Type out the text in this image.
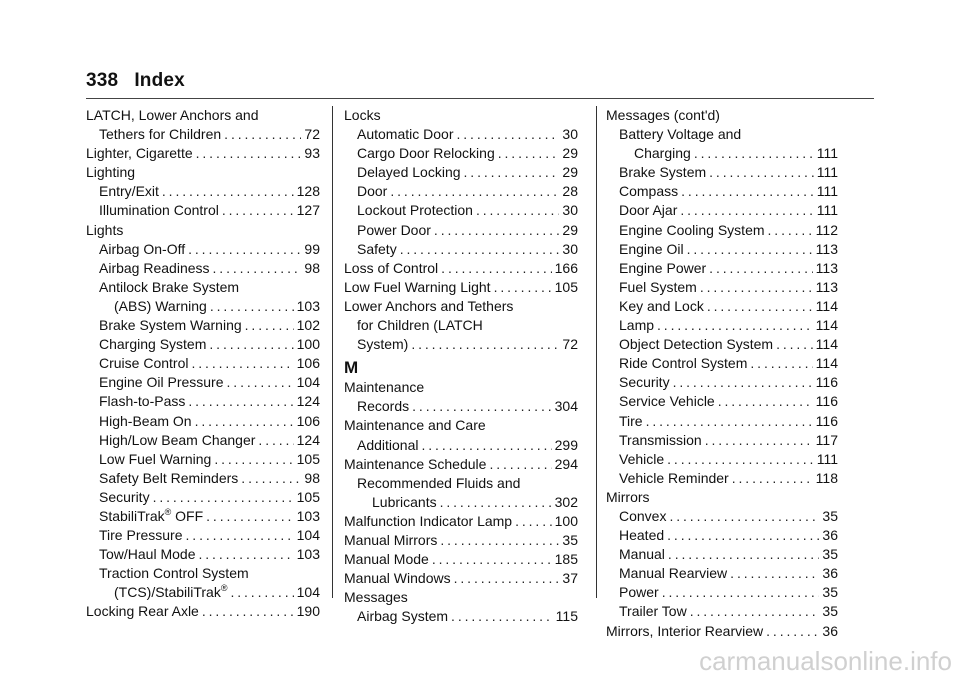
338 Index
LATCH, Lower Anchors and
Tethers for Children . . .	72
Lighter, Cigarette . . .	93
Lighting
Entry/Exit . . .	128
Illumination Control . . .	127
Lights
Airbag On-Off . . .	99
Airbag Readiness . . .	98
Antilock Brake System
(ABS) Warning . . .	103
Brake System Warning . . .	102
Charging System . . .	100
Cruise Control . . .	106
Engine Oil Pressure . . .	104
Flash-to-Pass . . .	124
High-Beam On . . .	106
High/Low Beam Changer . . .	124
Low Fuel Warning . . .	105
Safety Belt Reminders . . .	98
Security . . .	105
StabiliTrak® OFF . . .	103
Tire Pressure . . .	104
Tow/Haul Mode . . .	103
Traction Control System
(TCS)/StabiliTrak® . . .	104
Locking Rear Axle . . .	190
Locks
Automatic Door . . .	30
Cargo Door Relocking . . .	29
Delayed Locking . . .	29
Door . . .	28
Lockout Protection . . .	30
Power Door . . .	29
Safety . . .	30
Loss of Control . . .	166
Low Fuel Warning Light . . .	105
Lower Anchors and Tethers
for Children (LATCH
System) . . .	72
M
Maintenance
Records . . .	304
Maintenance and Care
Additional . . .	299
Maintenance Schedule . . .	294
Recommended Fluids and
Lubricants . . .	302
Malfunction Indicator Lamp . . .	100
Manual Mirrors . . .	35
Manual Mode . . .	185
Manual Windows . . .	37
Messages
Airbag System . . .	115
Messages (cont'd)
Battery Voltage and
Charging . . .	111
Brake System . . .	111
Compass . . .	111
Door Ajar . . .	111
Engine Cooling System . . .	112
Engine Oil . . .	113
Engine Power . . .	113
Fuel System . . .	113
Key and Lock . . .	114
Lamp . . .	114
Object Detection System . . .	114
Ride Control System . . .	114
Security . . .	116
Service Vehicle . . .	116
Tire . . .	116
Transmission . . .	117
Vehicle . . .	111
Vehicle Reminder . . .	118
Mirrors
Convex . . .	35
Heated . . .	36
Manual . . .	35
Manual Rearview . . .	36
Power . . .	35
Trailer Tow . . .	35
Mirrors, Interior Rearview . . .	36
carmanualsonline.info
